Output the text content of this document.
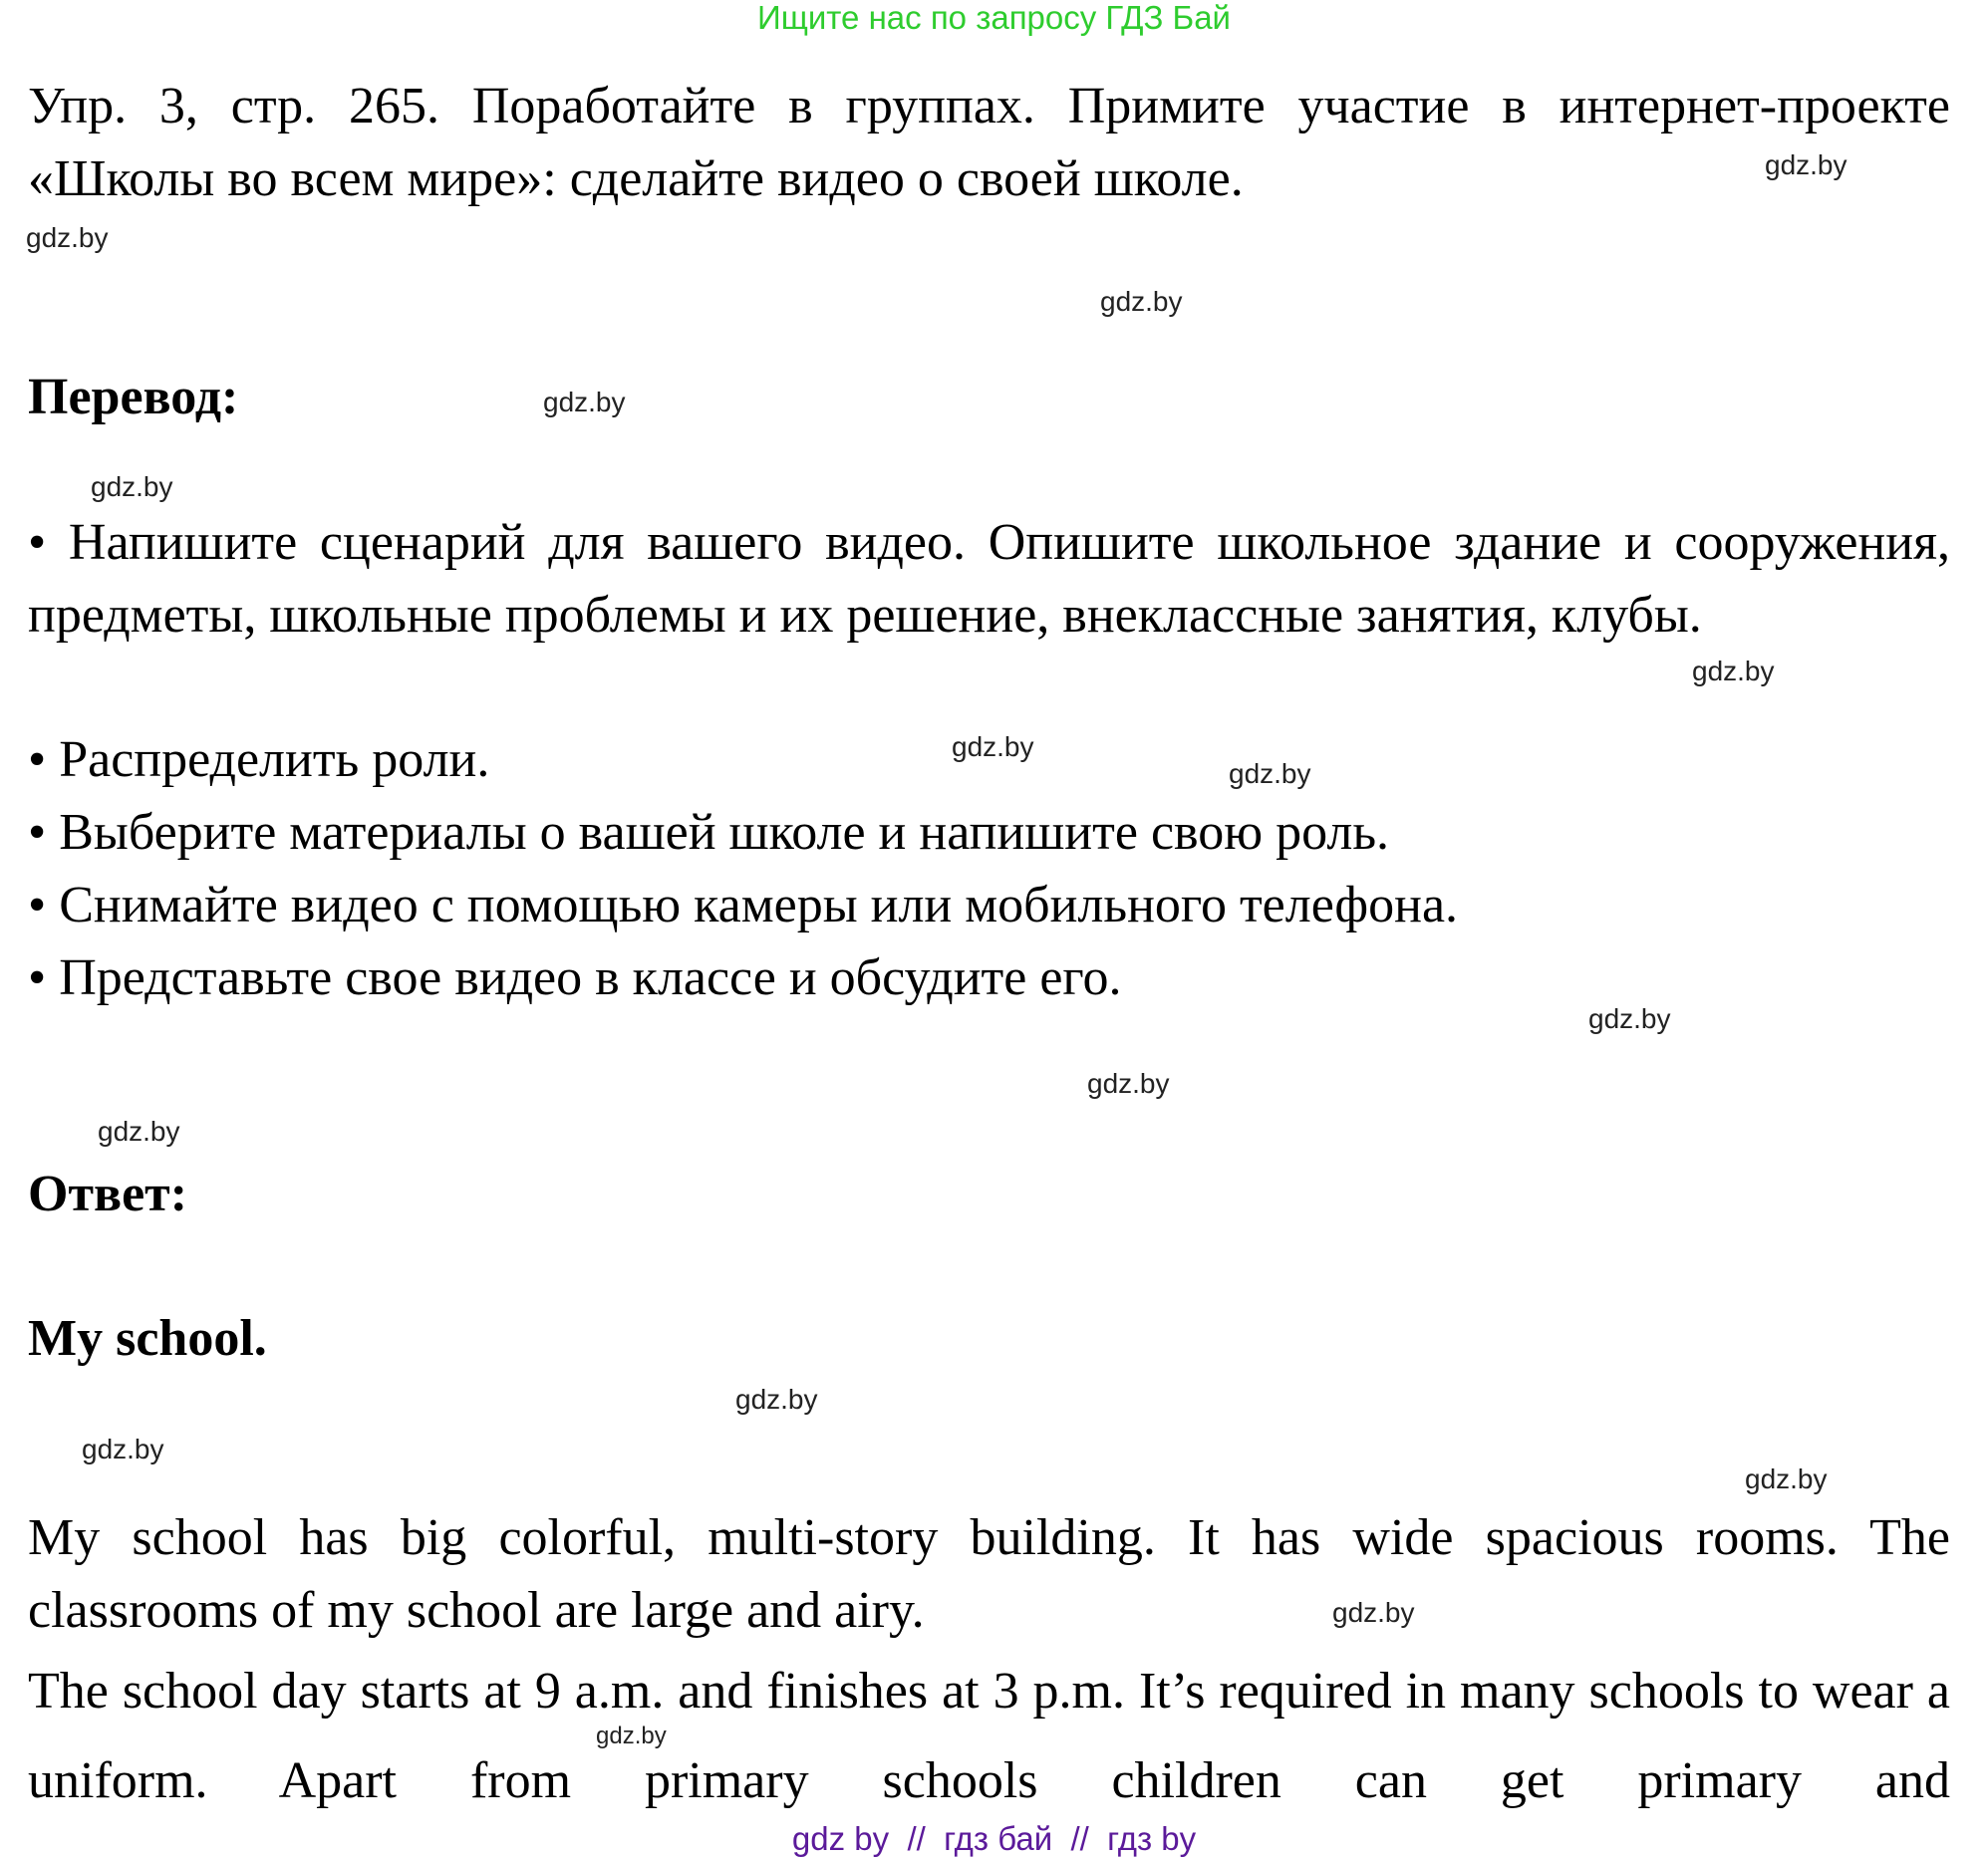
Ищите нас по запросу ГДЗ Бай
Упр. 3, стр. 265. Поработайте в группах. Примите участие в интернет-проекте «Школы во всем мире»: сделайте видео о своей школе.
Перевод:
• Напишите сценарий для вашего видео. Опишите школьное здание и сооружения, предметы, школьные проблемы и их решение, внеклассные занятия, клубы.
• Распределить роли.
• Выберите материалы о вашей школе и напишите свою роль.
• Снимайте видео с помощью камеры или мобильного телефона.
• Представьте свое видео в классе и обсудите его.
Ответ:
My school.
My school has big colorful, multi-story building. It has wide spacious rooms. The classrooms of my school are large and airy.
The school day starts at 9 a.m. and finishes at 3 p.m. It’s required in many schools to wear a uniform. Apart from primary schools children can get primary and
gdz.by
gdz.by
gdz.by
gdz.by
gdz.by
gdz.by
gdz.by
gdz.by
gdz.by
gdz.by
gdz.by
gdz.by
gdz.by
gdz.by
gdz.by
gdz.by
gdz by  //  гдз бай  //  гдз by
